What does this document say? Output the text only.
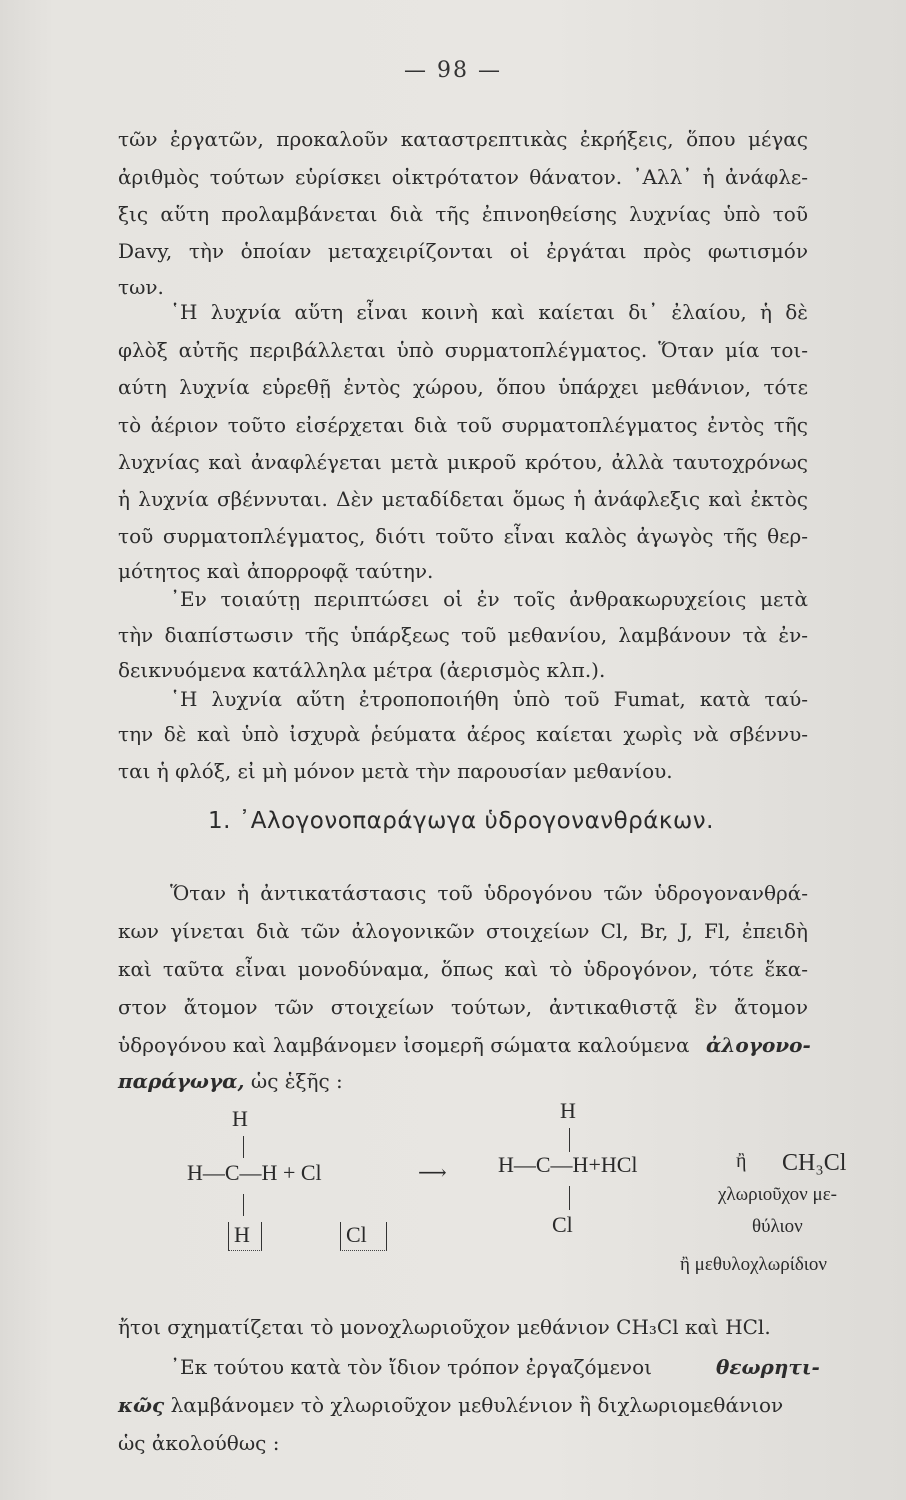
— 98 —
τῶν ἐργατῶν, προκαλοῦν καταστρεπτικὰς ἐκρήξεις, ὅπου μέγας
ἀριθμὸς τούτων εὑρίσκει οἰκτρότατον θάνατον. ᾿Αλλ᾿ ἡ ἀνάφλε-
ξις αὕτη προλαμβάνεται διὰ τῆς ἐπινοηθείσης λυχνίας ὑπὸ τοῦ
Davy, τὴν ὁποίαν μεταχειρίζονται οἱ ἐργάται πρὸς φωτισμόν
των.
῾Η λυχνία αὕτη εἶναι κοινὴ καὶ καίεται δι᾿ ἐλαίου, ἡ δὲ
φλὸξ αὐτῆς περιβάλλεται ὑπὸ συρματοπλέγματος. Ὅταν μία τοι-
αύτη λυχνία εὑρεθῇ ἐντὸς χώρου, ὅπου ὑπάρχει μεθάνιον, τότε
τὸ ἀέριον τοῦτο εἰσέρχεται διὰ τοῦ συρματοπλέγματος ἐντὸς τῆς
λυχνίας καὶ ἀναφλέγεται μετὰ μικροῦ κρότου, ἀλλὰ ταυτοχρόνως
ἡ λυχνία σβέννυται. Δὲν μεταδίδεται ὅμως ἡ ἀνάφλεξις καὶ ἐκτὸς
τοῦ συρματοπλέγματος, διότι τοῦτο εἶναι καλὸς ἀγωγὸς τῆς θερ-
μότητος καὶ ἀπορροφᾷ ταύτην.
᾿Εν τοιαύτῃ περιπτώσει οἱ ἐν τοῖς ἀνθρακωρυχείοις μετὰ
τὴν διαπίστωσιν τῆς ὑπάρξεως τοῦ μεθανίου, λαμβάνουν τὰ ἐν-
δεικνυόμενα κατάλληλα μέτρα (ἀερισμὸς κλπ.).
῾Η λυχνία αὕτη ἐτροποποιήθη ὑπὸ τοῦ Fumat, κατὰ ταύ-
την δὲ καὶ ὑπὸ ἰσχυρὰ ῥεύματα ἀέρος καίεται χωρὶς νὰ σβέννυ-
ται ἡ φλόξ, εἰ μὴ μόνον μετὰ τὴν παρουσίαν μεθανίου.
1. ᾿Αλογονοπαράγωγα ὑδρογονανθράκων.
Ὅταν ἡ ἀντικατάστασις τοῦ ὑδρογόνου τῶν ὑδρογονανθρά-
κων γίνεται διὰ τῶν ἀλογονικῶν στοιχείων Cl, Br, J, Fl, ἐπειδὴ
καὶ ταῦτα εἶναι μονοδύναμα, ὅπως καὶ τὸ ὑδρογόνον, τότε ἕκα-
στον ἄτομον τῶν στοιχείων τούτων, ἀντικαθιστᾷ ἓν ἄτομον
ὑδρογόνου καὶ λαμβάνομεν ἰσομερῆ σώματα καλούμενα ἀλογονο-
παράγωγα, ὡς ἑξῆς :
H
H—C—H + Cl
H	Cl
⟶
H
H—C—H+HCl
Cl
ἢ CH₃Cl
χλωριοῦχον με-
θύλιον
ἢ μεθυλοχλωρίδιον
ἤτοι σχηματίζεται τὸ μονοχλωριοῦχον μεθάνιον CH₃Cl καὶ HCl.
᾿Εκ τούτου κατὰ τὸν ἴδιον τρόπον ἐργαζόμενοι	θεωρητι-
κῶς λαμβάνομεν τὸ χλωριοῦχον μεθυλένιον ἢ διχλωριομεθάνιον
ὡς ἀκολούθως :
